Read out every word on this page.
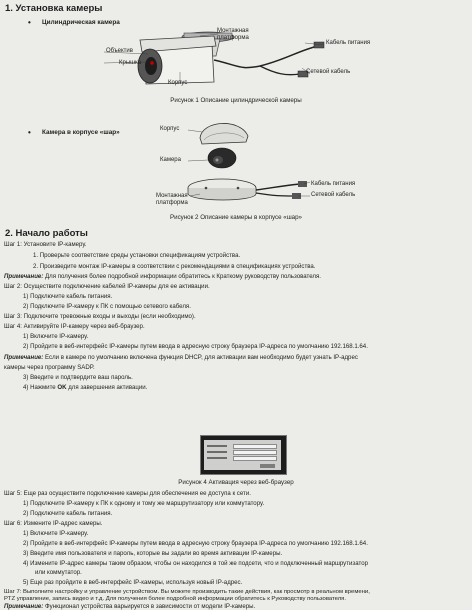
1. Установка камеры
• Цилиндрическая камера
Объектив
Крышка
Монтажная
платформа
Кабель питания
Сетевой кабель
Корпус
Рисунок 1 Описание цилиндрической камеры
• Камера в корпусе «шар»	Корпус
Камера
Монтажная
платформа
Кабель питания
Сетевой кабель
Рисунок 2 Описание камеры в корпусе «шар»
2. Начало работы
Шаг 1: Установите IP-камеру.
1. Проверьте соответствие среды установки спецификациям устройства.
2. Произведите монтаж IP-камеры в соответствии с рекомендациями в спецификациях устройства.
Примечание: Для получения более подробной информации обратитесь к Краткому руководству пользователя.
Шаг 2: Осуществите подключение кабелей IP-камеры для ее активации.
1) Подключите кабель питания.
2) Подключите IP-камеру к ПК с помощью сетевого кабеля.
Шаг 3: Подключите тревожные входы и выходы (если необходимо).
Шаг 4: Активируйте IP-камеру через веб-браузер.
1) Включите IP-камеру.
2) Пройдите в веб-интерфейс IP-камеры путем ввода в адресную строку браузера IP-адреса по умолчанию 192.168.1.64.
Примечание: Если в камере по умолчанию включена функция DHCP, для активации вам необходимо будет узнать IP-адрес
камеры через программу SADP.
3) Введите и подтвердите ваш пароль.
4) Нажмите OK для завершения активации.
Рисунок 4 Активация через веб-браузер
Шаг 5: Еще раз осуществите подключение камеры для обеспечения ее доступа к сети.
1) Подключите IP-камеру к ПК к одному и тому же маршрутизатору или коммутатору.
2) Подключите кабель питания.
Шаг 6: Измените IP-адрес камеры.
1) Включите IP-камеру.
2) Пройдите в веб-интерфейс IP-камеры путем ввода в адресную строку браузера IP-адреса по умолчанию 192.168.1.64.
3) Введите имя пользователя и пароль, которые вы задали во время активации IP-камеры.
4) Измените IP-адрес камеры таким образом, чтобы он находился в той же подсети, что и подключенный маршрутизатор
или коммутатор.
5) Еще раз пройдите в веб-интерфейс IP-камеры, используя новый IP-адрес.
Шаг 7: Выполните настройку и управление устройством. Вы можете производить такие действия, как просмотр в реальном времени,
PTZ управление, запись видео и т.д. Для получения более подробной информации обратитесь к Руководству пользователя.
Примечание: Функционал устройства варьируется в зависимости от модели IP-камеры.
